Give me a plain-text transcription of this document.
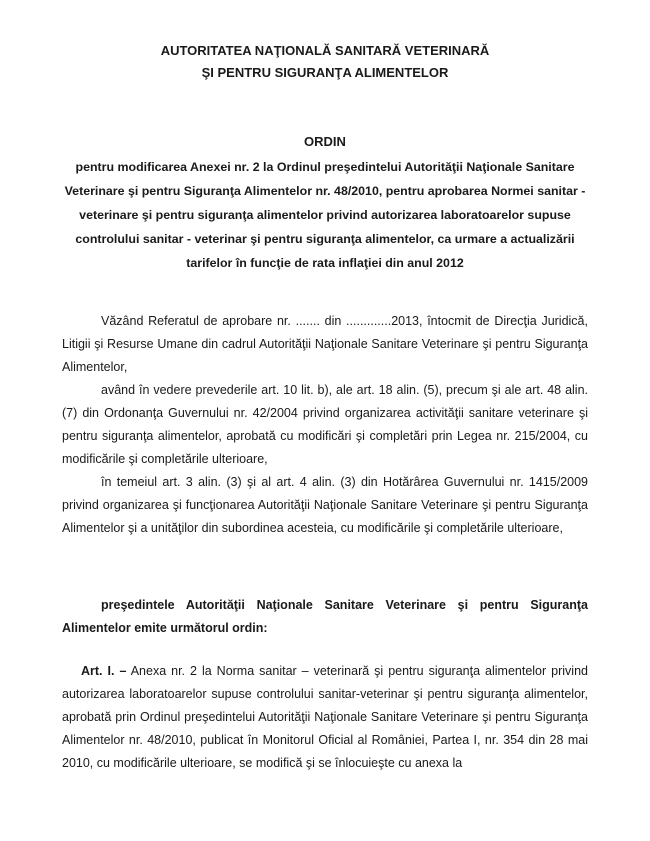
AUTORITATEA NAŢIONALĂ SANITARĂ VETERINARĂ
ŞI PENTRU SIGURANŢA ALIMENTELOR
ORDIN
pentru modificarea Anexei nr. 2 la Ordinul preşedintelui Autorităţii Naţionale Sanitare Veterinare şi pentru Siguranţa Alimentelor nr. 48/2010, pentru aprobarea Normei sanitar - veterinare şi pentru siguranţa alimentelor privind autorizarea laboratoarelor supuse controlului sanitar - veterinar şi pentru siguranţa alimentelor, ca urmare a actualizării tarifelor în funcţie de rata inflaţiei din anul 2012

Văzând Referatul de aprobare nr. ....... din .............2013, întocmit de Direcţia Juridică, Litigii şi Resurse Umane din cadrul Autorităţii Naţionale Sanitare Veterinare şi pentru Siguranţa Alimentelor,

având în vedere prevederile art. 10 lit. b), ale art. 18 alin. (5), precum şi ale art. 48 alin. (7) din Ordonanţa Guvernului nr. 42/2004 privind organizarea activităţii sanitare veterinare şi pentru siguranţa alimentelor, aprobată cu modificări şi completări prin Legea nr. 215/2004, cu modificările şi completările ulterioare,

în temeiul art. 3 alin. (3) şi al art. 4 alin. (3) din Hotărârea Guvernului nr. 1415/2009 privind organizarea şi funcţionarea Autorităţii Naţionale Sanitare Veterinare şi pentru Siguranţa Alimentelor şi a unităţilor din subordinea acesteia, cu modificările şi completările ulterioare,

preşedintele Autorităţii Naţionale Sanitare Veterinare şi pentru Siguranţa Alimentelor emite următorul ordin:

Art. I. – Anexa nr. 2 la Norma sanitar – veterinară şi pentru siguranţa alimentelor privind autorizarea laboratoarelor supuse controlului sanitar-veterinar şi pentru siguranţa alimentelor, aprobată prin Ordinul preşedintelui Autorităţii Naţionale Sanitare Veterinare şi pentru Siguranţa Alimentelor nr. 48/2010, publicat în Monitorul Oficial al României, Partea I, nr. 354 din 28 mai 2010, cu modificările ulterioare, se modifică şi se înlocuieşte cu anexa la
